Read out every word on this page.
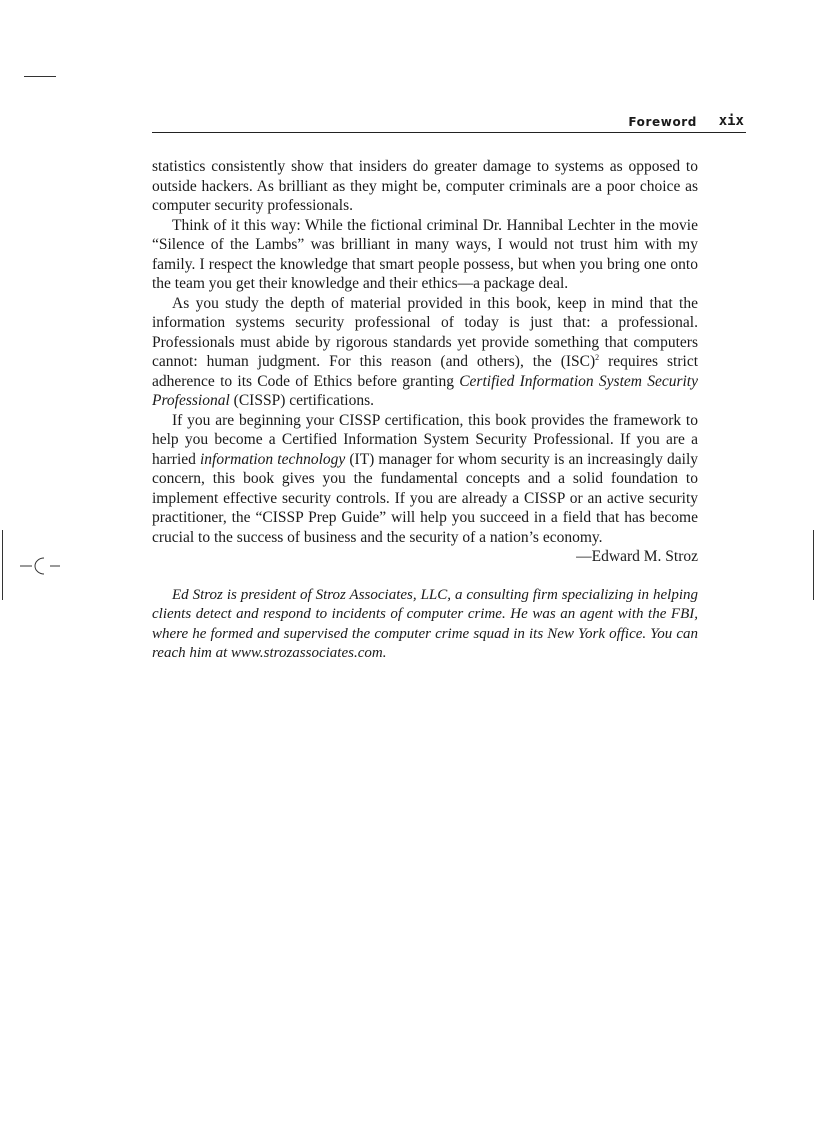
Foreword xix

statistics consistently show that insiders do greater damage to systems as opposed to outside hackers. As brilliant as they might be, computer criminals are a poor choice as computer security professionals.

Think of it this way: While the fictional criminal Dr. Hannibal Lechter in the movie “Silence of the Lambs” was brilliant in many ways, I would not trust him with my family. I respect the knowledge that smart people possess, but when you bring one onto the team you get their knowledge and their ethics—a package deal.

As you study the depth of material provided in this book, keep in mind that the information systems security professional of today is just that: a professional. Professionals must abide by rigorous standards yet provide something that computers cannot: human judgment. For this reason (and others), the (ISC)$^2$ requires strict adherence to its Code of Ethics before granting Certified Information System Security Professional (CISSP) certifications.

If you are beginning your CISSP certification, this book provides the framework to help you become a Certified Information System Security Professional. If you are a harried information technology (IT) manager for whom security is an increasingly daily concern, this book gives you the fundamental concepts and a solid foundation to implement effective security controls. If you are already a CISSP or an active security practitioner, the “CISSP Prep Guide” will help you succeed in a field that has become crucial to the success of business and the security of a nation’s economy.

—Edward M. Stroz

Ed Stroz is president of Stroz Associates, LLC, a consulting firm specializing in helping clients detect and respond to incidents of computer crime. He was an agent with the FBI, where he formed and supervised the computer crime squad in its New York office. You can reach him at www.strozassociates.com.
